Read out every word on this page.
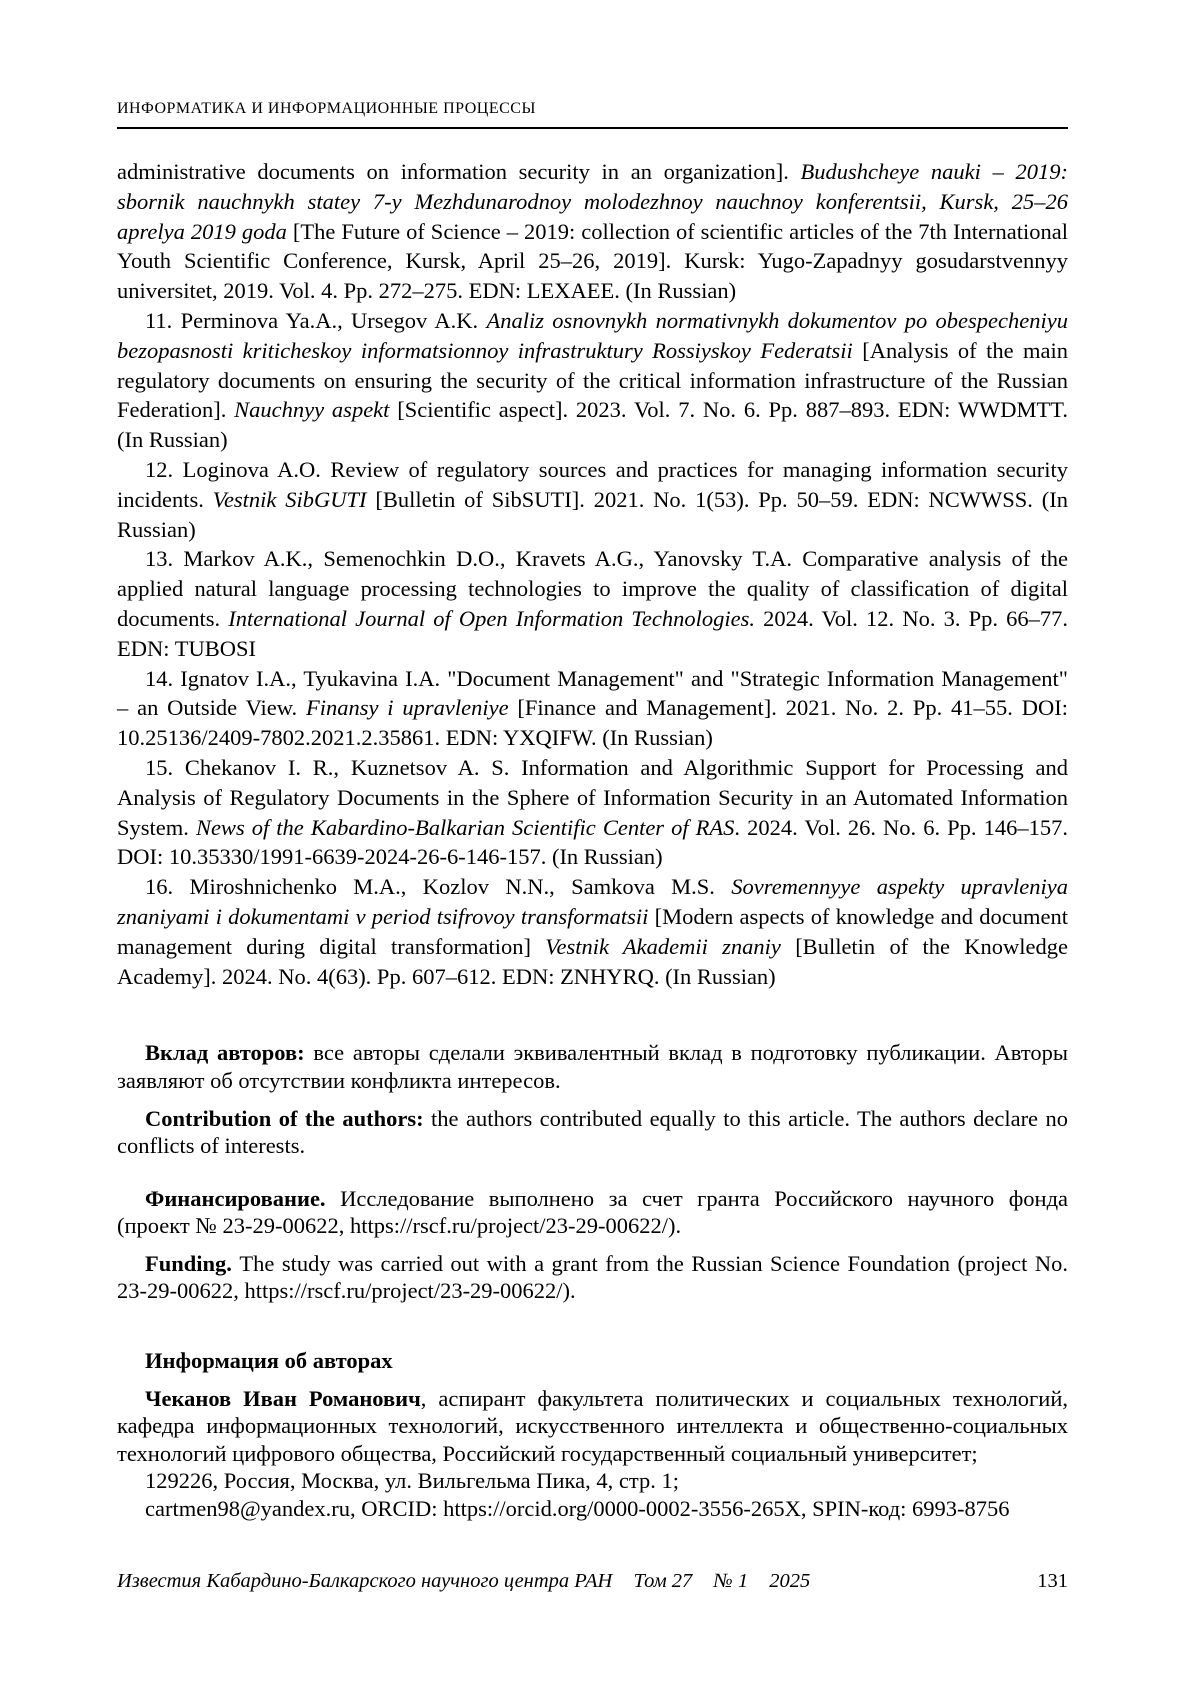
ИНФОРМАТИКА И ИНФОРМАЦИОННЫЕ ПРОЦЕССЫ

administrative documents on information security in an organization]. Budushcheye nauki – 2019: sbornik nauchnykh statey 7-y Mezhdunarodnoy molodezhnoy nauchnoy konferentsii, Kursk, 25–26 aprelya 2019 goda [The Future of Science – 2019: collection of scientific articles of the 7th International Youth Scientific Conference, Kursk, April 25–26, 2019]. Kursk: Yugo-Zapadnyy gosudarstvennyy universitet, 2019. Vol. 4. Pp. 272–275. EDN: LEXAEE. (In Russian)

11. Perminova Ya.A., Ursegov A.K. Analiz osnovnykh normativnykh dokumentov po obespecheniyu bezopasnosti kriticheskoy informatsionnoy infrastruktury Rossiyskoy Federatsii [Analysis of the main regulatory documents on ensuring the security of the critical information infrastructure of the Russian Federation]. Nauchnyy aspekt [Scientific aspect]. 2023. Vol. 7. No. 6. Pp. 887–893. EDN: WWDMTT. (In Russian)

12. Loginova A.O. Review of regulatory sources and practices for managing information security incidents. Vestnik SibGUTI [Bulletin of SibSUTI]. 2021. No. 1(53). Pp. 50–59. EDN: NCWWSS. (In Russian)

13. Markov A.K., Semenochkin D.O., Kravets A.G., Yanovsky T.A. Comparative analysis of the applied natural language processing technologies to improve the quality of classification of digital documents. International Journal of Open Information Technologies. 2024. Vol. 12. No. 3. Pp. 66–77. EDN: TUBOSI

14. Ignatov I.A., Tyukavina I.A. "Document Management" and "Strategic Information Management" – an Outside View. Finansy i upravleniye [Finance and Management]. 2021. No. 2. Pp. 41–55. DOI: 10.25136/2409-7802.2021.2.35861. EDN: YXQIFW. (In Russian)

15. Chekanov I. R., Kuznetsov A. S. Information and Algorithmic Support for Processing and Analysis of Regulatory Documents in the Sphere of Information Security in an Automated Information System. News of the Kabardino-Balkarian Scientific Center of RAS. 2024. Vol. 26. No. 6. Pp. 146–157. DOI: 10.35330/1991-6639-2024-26-6-146-157. (In Russian)

16. Miroshnichenko M.A., Kozlov N.N., Samkova M.S. Sovremennyye aspekty upravleniya znaniyami i dokumentami v period tsifrovoy transformatsii [Modern aspects of knowledge and document management during digital transformation] Vestnik Akademii znaniy [Bulletin of the Knowledge Academy]. 2024. No. 4(63). Pp. 607–612. EDN: ZNHYRQ. (In Russian)

Вклад авторов: все авторы сделали эквивалентный вклад в подготовку публикации. Авторы заявляют об отсутствии конфликта интересов.

Contribution of the authors: the authors contributed equally to this article. The authors declare no conflicts of interests.

Финансирование. Исследование выполнено за счет гранта Российского научного фонда (проект № 23-29-00622, https://rscf.ru/project/23-29-00622/).

Funding. The study was carried out with a grant from the Russian Science Foundation (project No. 23-29-00622, https://rscf.ru/project/23-29-00622/).

Информация об авторах

Чеканов Иван Романович, аспирант факультета политических и социальных технологий, кафедра информационных технологий, искусственного интеллекта и общественно-социальных технологий цифрового общества, Российский государственный социальный университет;

129226, Россия, Москва, ул. Вильгельма Пика, 4, стр. 1;

cartmen98@yandex.ru, ORCID: https://orcid.org/0000-0002-3556-265X, SPIN-код: 6993-8756

Известия Кабардино-Балкарского научного центра РАН Том 27 № 1 2025	131
